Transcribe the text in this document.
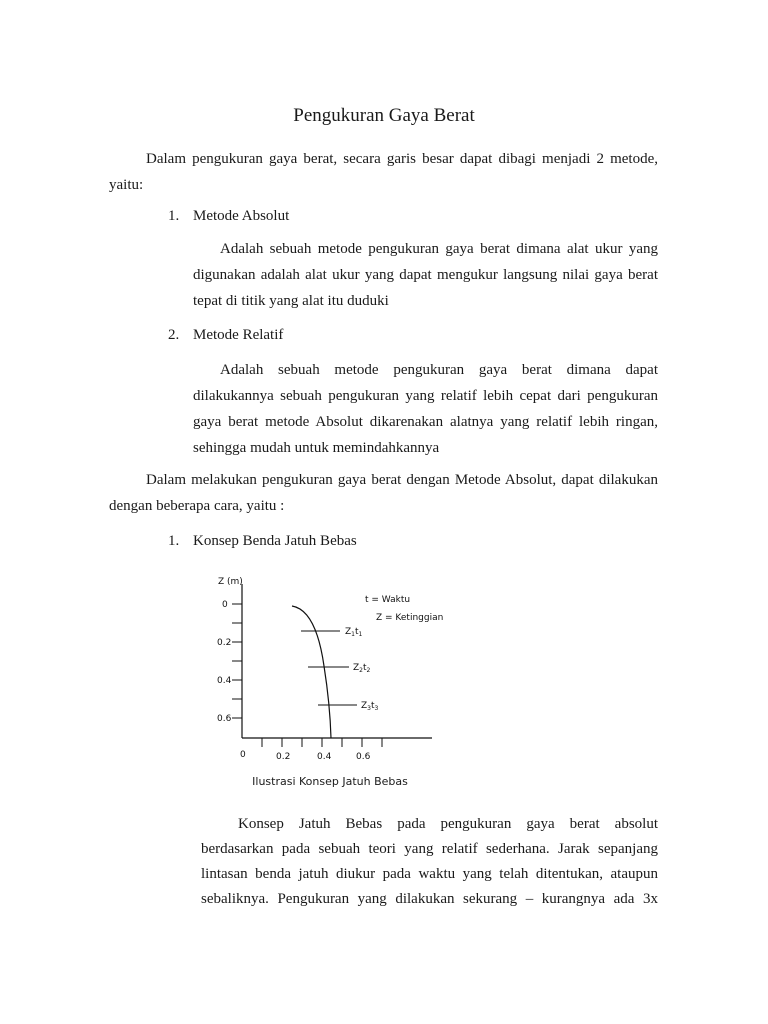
Pengukuran Gaya Berat
Dalam pengukuran gaya berat, secara garis besar dapat dibagi menjadi 2 metode,
yaitu:
1. Metode Absolut
Adalah sebuah metode pengukuran gaya berat dimana alat ukur yang
digunakan adalah alat ukur yang dapat mengukur langsung nilai gaya berat
tepat di titik yang alat itu duduki
2. Metode Relatif
Adalah sebuah metode pengukuran gaya berat dimana dapat
dilakukannya sebuah pengukuran yang relatif lebih cepat dari pengukuran
gaya berat metode Absolut dikarenakan alatnya yang relatif lebih ringan,
sehingga mudah untuk memindahkannya
Dalam melakukan pengukuran gaya berat dengan Metode Absolut, dapat dilakukan
dengan beberapa cara, yaitu :
1. Konsep Benda Jatuh Bebas
Z (m)
0
0.2
0.4
0.6
0	0.2	0.4	0.6
$Z_1t_1$
$Z_2t_2$
$Z_3t_3$
t = Waktu
Z = Ketinggian
Ilustrasi Konsep Jatuh Bebas
Konsep Jatuh Bebas pada pengukuran gaya berat absolut
berdasarkan pada sebuah teori yang relatif sederhana. Jarak sepanjang
lintasan benda jatuh diukur pada waktu yang telah ditentukan, ataupun
sebaliknya. Pengukuran yang dilakukan sekurang – kurangnya ada 3x
